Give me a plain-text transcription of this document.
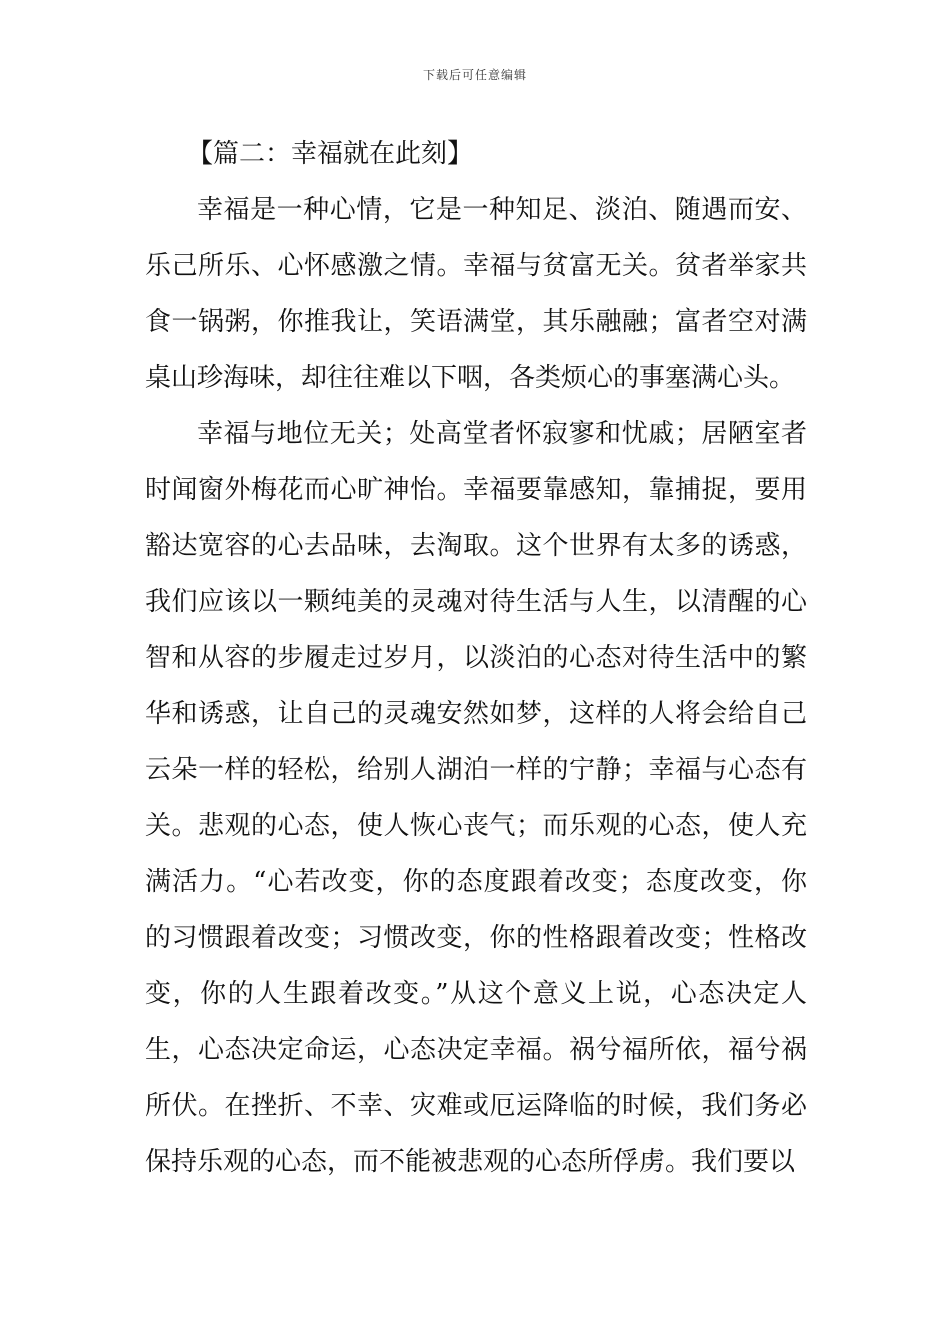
下载后可任意编辑
【篇二：幸福就在此刻】

幸福是一种心情，它是一种知足、淡泊、随遇而安、乐己所乐、心怀感激之情。幸福与贫富无关。贫者举家共食一锅粥，你推我让，笑语满堂，其乐融融；富者空对满桌山珍海味，却往往难以下咽，各类烦心的事塞满心头。

幸福与地位无关；处高堂者怀寂寥和忧戚；居陋室者时闻窗外梅花而心旷神怡。幸福要靠感知，靠捕捉，要用豁达宽容的心去品味，去淘取。这个世界有太多的诱惑，我们应该以一颗纯美的灵魂对待生活与人生，以清醒的心智和从容的步履走过岁月，以淡泊的心态对待生活中的繁华和诱惑，让自己的灵魂安然如梦，这样的人将会给自己云朵一样的轻松，给别人湖泊一样的宁静；幸福与心态有关。悲观的心态，使人恢心丧气；而乐观的心态，使人充满活力。“心若改变，你的态度跟着改变；态度改变，你的习惯跟着改变；习惯改变，你的性格跟着改变；性格改变，你的人生跟着改变。”从这个意义上说，心态决定人生，心态决定命运，心态决定幸福。祸兮福所依，福兮祸所伏。在挫折、不幸、灾难或厄运降临的时候，我们务必保持乐观的心态，而不能被悲观的心态所俘虏。我们要以
